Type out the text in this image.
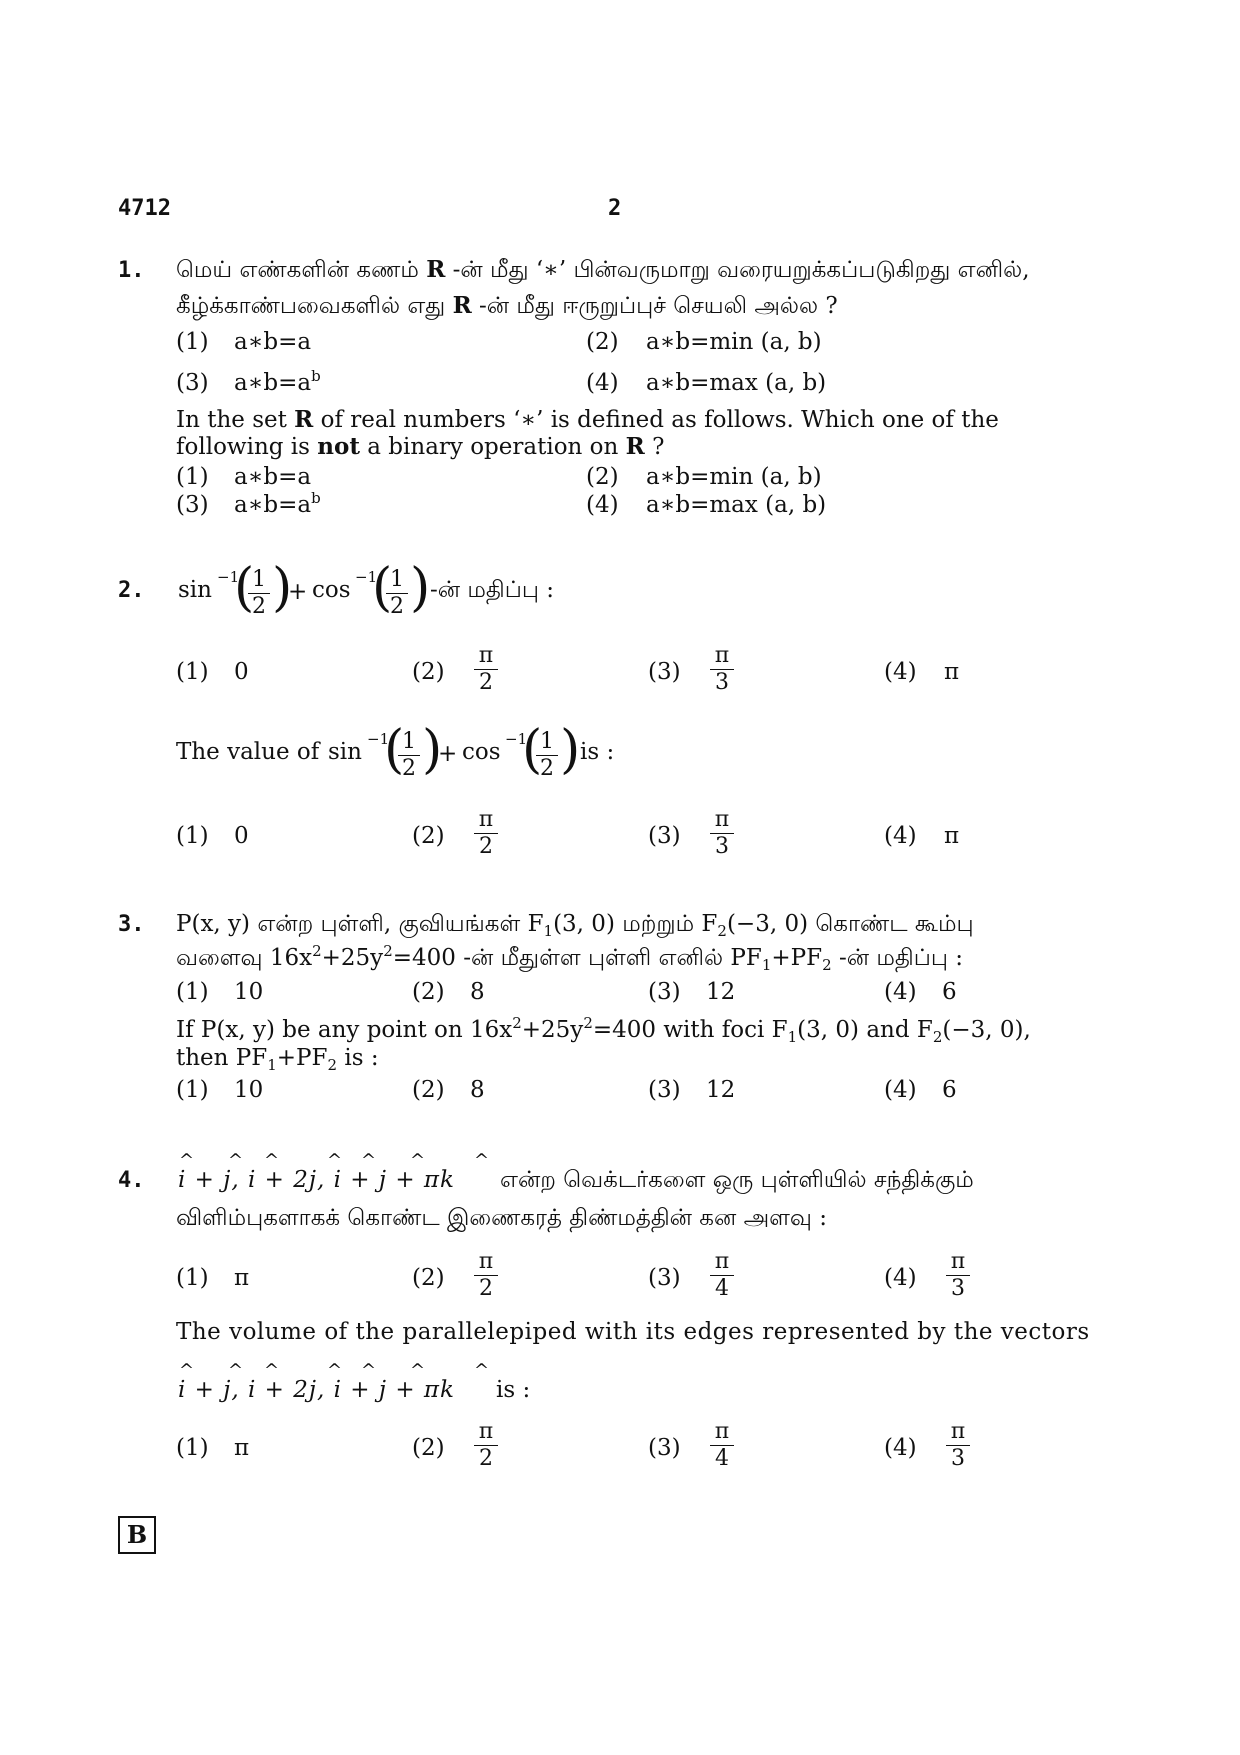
4712	2
1. மெய் எண்களின் கணம் R -ன் மீது ‘∗’ பின்வருமாறு வரையறுக்கப்படுகிறது எனில்,
கீழ்க்காண்பவைகளில் எது R -ன் மீது ஈருறுப்புச் செயலி அல்ல ?
(1) a∗b=a	(2) a∗b=min (a, b)
(3) $a∗b=a^b$	(4) a∗b=max (a, b)
In the set R of real numbers ‘∗’ is defined as follows. Which one of the
following is not a binary operation on R ?
(1) a∗b=a	(2) a∗b=min (a, b)
(3) $a∗b=a^b$	(4) a∗b=max (a, b)
2. sin −1
(
1
2 )
+ cos −1
(
1
2 ) -ன் மதிப்பு :
(1) 0	(2)
π
2	(3)
π
3	(4) π
The value of sin −1
(
1
2 )
+ cos −1
(
1
2 ) is :
(1) 0	(2)
π
2	(3)
π
3	(4) π
3. P(x, y) என்ற புள்ளி, குவியங்கள் $F_1(3$, 0) மற்றும் $F_2(-3$, 0) கொண்ட கூம்பு
வளைவு $16x^2+25y^2=400$ -ன் மீதுள்ள புள்ளி எனில் $PF_1+PF_2$ -ன் மதிப்பு :
(1) 10	(2) 8	(3) 12	(4) 6
If P(x, y) be any point on $16x^2+25y^2=400$ with foci $F_1(3$, 0) and $F_2(-3$, 0),
then $PF_1+PF_2$ is :
(1) 10	(2) 8	(3) 12	(4) 6
4. i + j, i + 2j, i + j + πk
^ ^ ^	^ ^ ^	^
என்ற வெக்டர்களை ஒரு புள்ளியில் சந்திக்கும்
விளிம்புகளாகக் கொண்ட இணைகரத் திண்மத்தின் கன அளவு :
(1) π	(2)
π
2	(3)
π
4	(4)
π
3
The volume of the parallelepiped with its edges represented by the vectors
i + j, i + 2j, i + j + πk
^ ^ ^	^ ^ ^	^
is :
(1) π	(2)
π
2	(3)
π
4	(4)
π
3
B
